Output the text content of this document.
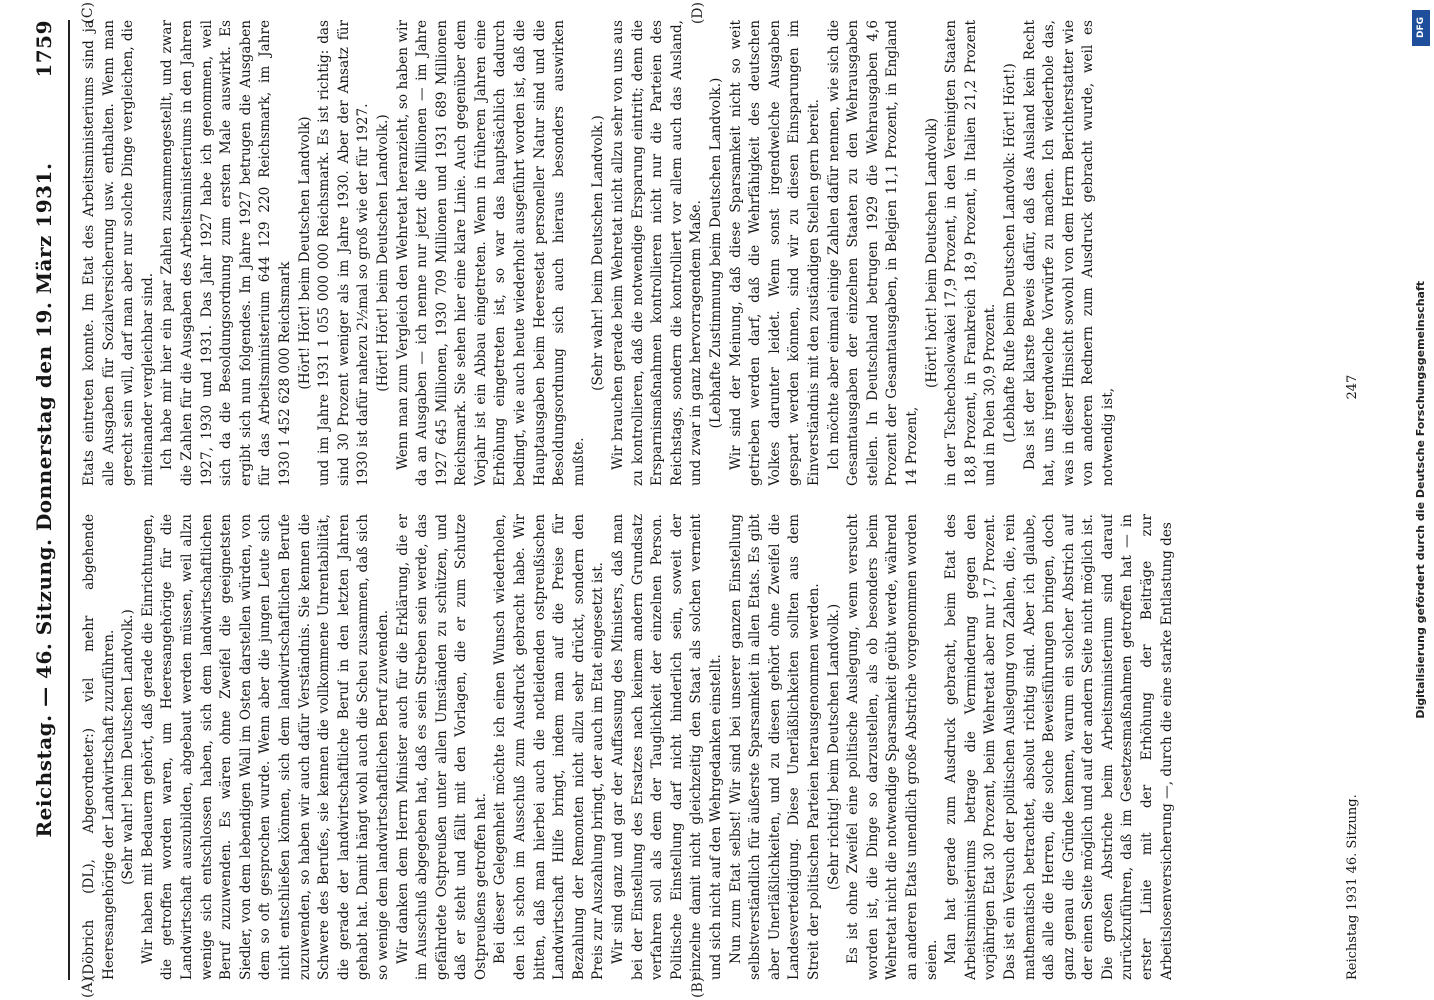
Reichstag. — 46. Sitzung. Donnerstag den 19. März 1931.
1759
(A)	(B)
(C)	(D)

(Döbrich (DL), Abgeordneter:) viel mehr abgehende Heeresangehörige der Landwirtschaft zuzuführen. (Sehr wahr! beim Deutschen Landvolk.) Wir haben mit Bedauern gehört, daß gerade die Einrichtungen, die getroffen worden waren, um Heeresangehörige für die Landwirtschaft auszubilden, abgebaut werden müssen, weil allzu wenige sich entschlossen haben, sich dem landwirtschaftlichen Beruf zuzuwenden. Es wären ohne Zweifel die geeignetsten Siedler, von dem lebendigen Wall im Osten darstellen würden, von dem so oft gesprochen wurde. Wenn aber die jungen Leute sich nicht entschließen können, sich dem landwirtschaftlichen Berufe zuzuwenden, so haben wir auch dafür Verständnis. Sie kennen die Schwere des Berufes, sie kennen die vollkommene Unrentabilität, die gerade der landwirtschaftliche Beruf in den letzten Jahren gehabt hat. Damit hängt wohl auch die Scheu zusammen, daß sich so wenige dem landwirtschaftlichen Beruf zuwenden. Wir danken dem Herrn Minister auch für die Erklärung, die er im Ausschuß abgegeben hat, daß es sein Streben sein werde, das gefährdete Ostpreußen unter allen Umständen zu schützen, und daß er steht und fällt mit den Vorlagen, die er zum Schutze Ostpreußens getroffen hat. Bei dieser Gelegenheit möchte ich einen Wunsch wiederholen, den ich schon im Ausschuß zum Ausdruck gebracht habe. Wir bitten, daß man hierbei auch die notleidenden ostpreußischen Landwirtschaft Hilfe bringt, indem man auf die Preise für Bezahlung der Remonten nicht allzu sehr drückt, sondern den Preis zur Auszahlung bringt, der auch im Etat eingesetzt ist. Wir sind ganz und gar der Auffassung des Ministers, daß man bei der Einstellung des Ersatzes nach keinem andern Grundsatz verfahren soll als dem der Tauglichkeit der einzelnen Person. Politische Einstellung darf nicht hinderlich sein, soweit der einzelne damit nicht gleichzeitig den Staat als solchen verneint und sich nicht auf den Wehrgedanken einstellt. Nun zum Etat selbst! Wir sind bei unserer ganzen Einstellung selbstverständlich für äußerste Sparsamkeit in allen Etats. Es gibt aber Unerläßlichkeiten, und zu diesen gehört ohne Zweifel die Landesverteidigung. Diese Unerläßlichkeiten sollten aus dem Streit der politischen Parteien herausgenommen werden. (Sehr richtig! beim Deutschen Landvolk.) Es ist ohne Zweifel eine politische Auslegung, wenn versucht worden ist, die Dinge so darzustellen, als ob besonders beim Wehretat nicht die notwendige Sparsamkeit geübt werde, während an anderen Etats unendlich große Abstriche vorgenommen worden seien. Man hat gerade zum Ausdruck gebracht, beim Etat des Arbeitsministeriums betrage die Verminderung gegen den vorjährigen Etat 30 Prozent, beim Wehretat aber nur 1,7 Prozent. Das ist ein Versuch der politischen Auslegung von Zahlen, die, rein mathematisch betrachtet, absolut richtig sind. Aber ich glaube, daß alle die Herren, die solche Beweisführungen bringen, doch ganz genau die Gründe kennen, warum ein solcher Abstrich auf der einen Seite möglich und auf der andern Seite nicht möglich ist. Die großen Abstriche beim Arbeitsministerium sind darauf zurückzuführen, daß im Gesetzesmaßnahmen getroffen hat — in erster Linie mit der Erhöhung der Beiträge zur Arbeitslosenversicherung —, durch die eine starke Entlastung des

Etats eintreten konnte. Im Etat des Arbeitsministeriums sind ja alle Ausgaben für Sozialversicherung usw. enthalten. Wenn man gerecht sein will, darf man aber nur solche Dinge vergleichen, die miteinander vergleichbar sind. Ich habe mir hier ein paar Zahlen zusammengestellt, und zwar die Zahlen für die Ausgaben des Arbeitsministeriums in den Jahren 1927, 1930 und 1931. Das Jahr 1927 habe ich genommen, weil sich da die Besoldungsordnung zum ersten Male auswirkt. Es ergibt sich nun folgendes. Im Jahre 1927 betrugen die Ausgaben für das Arbeitsministerium 644 129 220 Reichsmark, im Jahre 1930 1 452 628 000 Reichsmark (Hört! Hört! beim Deutschen Landvolk) und im Jahre 1931 1 055 000 000 Reichsmark. Es ist richtig: das sind 30 Prozent weniger als im Jahre 1930. Aber der Ansatz für 1930 ist dafür nahezu 2½mal so groß wie der für 1927. (Hört! Hört! beim Deutschen Landvolk.) Wenn man zum Vergleich den Wehretat heranzieht, so haben wir da an Ausgaben — ich nenne nur jetzt die Millionen — im Jahre 1927 645 Millionen, 1930 709 Millionen und 1931 689 Millionen Reichsmark. Sie sehen hier eine klare Linie. Auch gegenüber dem Vorjahr ist ein Abbau eingetreten. Wenn in früheren Jahren eine Erhöhung eingetreten ist, so war das hauptsächlich dadurch bedingt, wie auch heute wiederholt ausgeführt worden ist, daß die Hauptausgaben beim Heeresetat personeller Natur sind und die Besoldungsordnung sich auch hieraus besonders auswirken mußte.

(Sehr wahr! beim Deutschen Landvolk.) Wir brauchen gerade beim Wehretat nicht allzu sehr von uns aus zu kontrollieren, daß die notwendige Ersparung eintritt; denn die Ersparnismaßnahmen kontrollieren nicht nur die Parteien des Reichstags, sondern die kontrolliert vor allem auch das Ausland, und zwar in ganz hervorragendem Maße. (Lebhafte Zustimmung beim Deutschen Landvolk.) Wir sind der Meinung, daß diese Sparsamkeit nicht so weit getrieben werden darf, daß die Wehrfähigkeit des deutschen Volkes darunter leidet. Wenn sonst irgendwelche Ausgaben gespart werden können, sind wir zu diesen Einsparungen im Einverständnis mit den zuständigen Stellen gern bereit. Ich möchte aber einmal einige Zahlen dafür nennen, wie sich die Gesamtausgaben der einzelnen Staaten zu den Wehrausgaben stellen. In Deutschland betrugen 1929 die Wehrausgaben 4,6 Prozent der Gesamtausgaben, in Belgien 11,1 Prozent, in England 14 Prozent,

(Hört! hört! beim Deutschen Landvolk) in der Tschechoslowakei 17,9 Prozent, in den Vereinigten Staaten 18,8 Prozent, in Frankreich 18,9 Prozent, in Italien 21,2 Prozent und in Polen 30,9 Prozent. (Lebhafte Rufe beim Deutschen Landvolk: Hört! Hört!) Das ist der klarste Beweis dafür, daß das Ausland kein Recht hat, uns irgendwelche Vorwürfe zu machen. Ich wiederhole das, was in dieser Hinsicht sowohl von dem Herrn Berichterstatter wie von anderen Rednern zum Ausdruck gebracht wurde, weil es notwendig ist,

Reichstag 1931 46. Sitzung.
247
DFG
Digitalisierung gefördert durch die Deutsche Forschungsgemeinschaft
